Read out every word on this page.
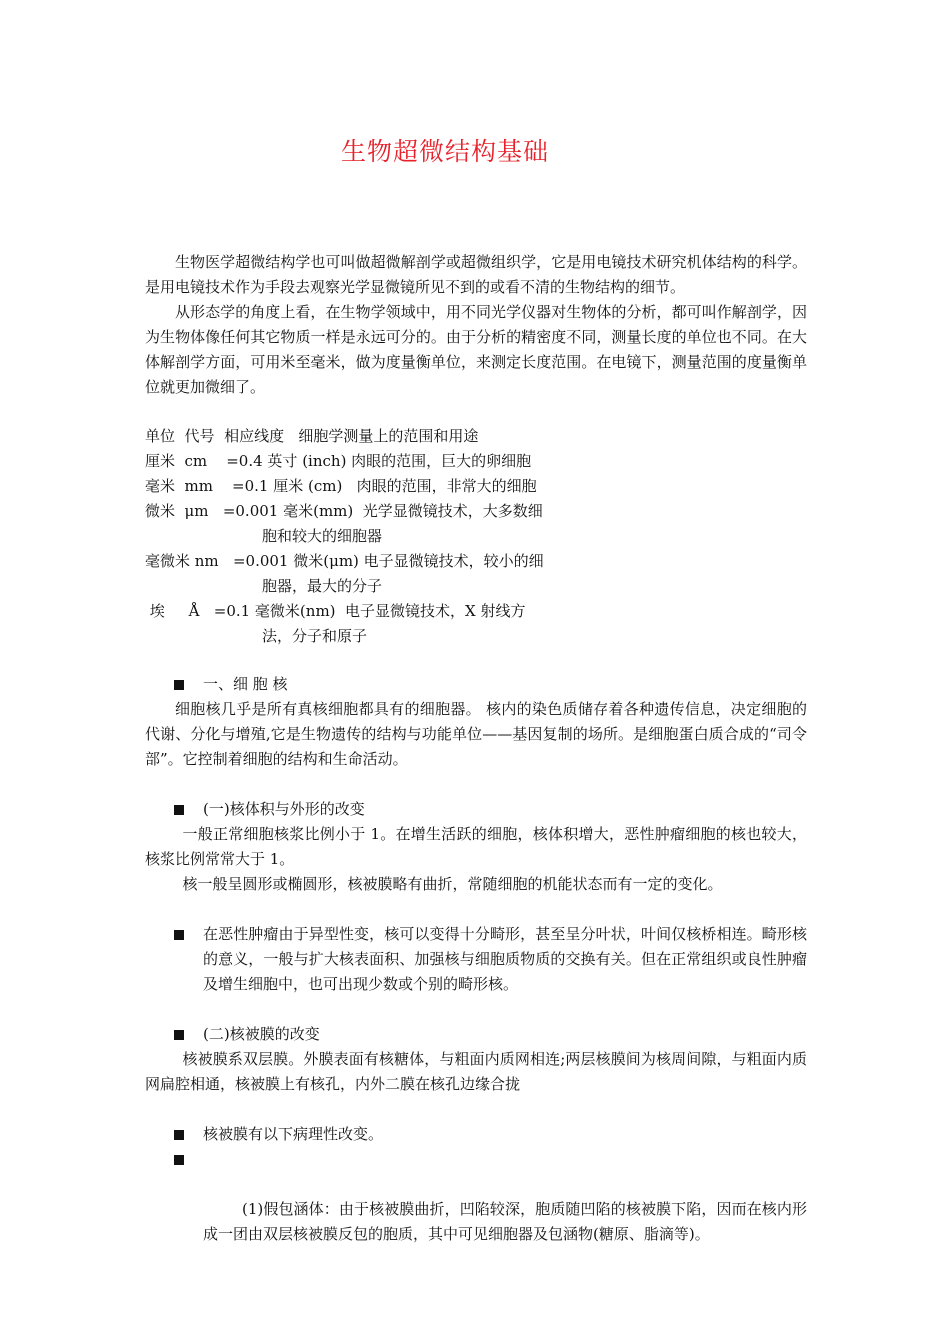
生物超微结构基础

生物医学超微结构学也可叫做超微解剖学或超微组织学，它是用电镜技术研究机体结构的科学。是用电镜技术作为手段去观察光学显微镜所见不到的或看不清的生物结构的细节。

从形态学的角度上看，在生物学领域中，用不同光学仪器对生物体的分析，都可叫作解剖学，因为生物体像任何其它物质一样是永远可分的。由于分析的精密度不同，测量长度的单位也不同。在大体解剖学方面，可用米至毫米，做为度量衡单位，来测定长度范围。在电镜下，测量范围的度量衡单位就更加微细了。

单位  代号  相应线度   细胞学测量上的范围和用途
厘米  cm    =0.4 英寸 (inch) 肉眼的范围，巨大的卵细胞
毫米  mm    =0.1 厘米 (cm)   肉眼的范围，非常大的细胞
微米  μm   =0.001 毫米(mm)  光学显微镜技术，大多数细
胞和较大的细胞器
毫微米 nm   =0.001 微米(μm) 电子显微镜技术，较小的细
胞器，最大的分子
埃     Å   =0.1 毫微米(nm)  电子显微镜技术，X 射线方
法，分子和原子
一、细 胞 核

细胞核几乎是所有真核细胞都具有的细胞器。 核内的染色质储存着各种遗传信息，决定细胞的代谢、分化与增殖,它是生物遗传的结构与功能单位——基因复制的场所。是细胞蛋白质合成的“司令部”。它控制着细胞的结构和生命活动。

(一)核体积与外形的改变

一般正常细胞核浆比例小于 1。在增生活跃的细胞，核体积增大，恶性肿瘤细胞的核也较大，核浆比例常常大于 1。

核一般呈圆形或椭圆形，核被膜略有曲折，常随细胞的机能状态而有一定的变化。

在恶性肿瘤由于异型性变，核可以变得十分畸形，甚至呈分叶状，叶间仅核桥相连。畸形核的意义，一般与扩大核表面积、加强核与细胞质物质的交换有关。但在正常组织或良性肿瘤及增生细胞中，也可出现少数或个别的畸形核。
(二)核被膜的改变

核被膜系双层膜。外膜表面有核糖体，与粗面内质网相连;两层核膜间为核周间隙，与粗面内质网扁腔相通，核被膜上有核孔，内外二膜在核孔边缘合拢

核被膜有以下病理性改变。

(1)假包涵体：由于核被膜曲折，凹陷较深，胞质随凹陷的核被膜下陷，因而在核内形成一团由双层核被膜反包的胞质，其中可见细胞器及包涵物(糖原、脂滴等)。
